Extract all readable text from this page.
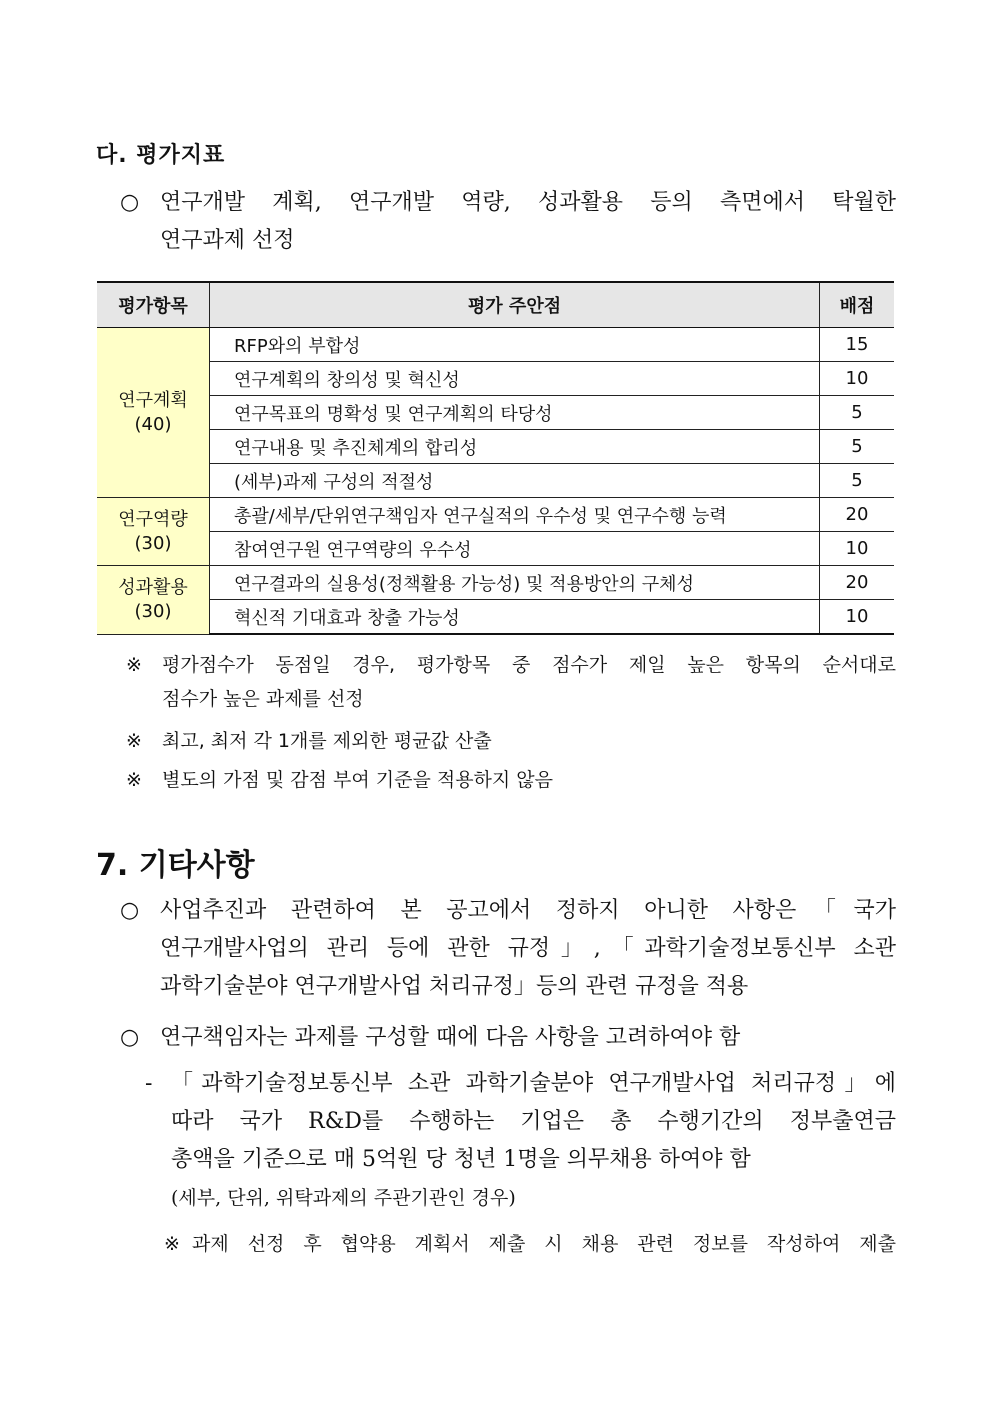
다. 평가지표
○ 연구개발 계획, 연구개발 역량, 성과활용 등의 측면에서 탁월한
연구과제 선정
평가항목	평가 주안점	배점

연구계획
(40)	RFP와의 부합성	15
	연구계획의 창의성 및 혁신성	10
	연구목표의 명확성 및 연구계획의 타당성	5
	연구내용 및 추진체계의 합리성	5
	(세부)과제 구성의 적절성	5

연구역량
(30)	총괄/세부/단위연구책임자 연구실적의 우수성 및 연구수행 능력	20
	참여연구원 연구역량의 우수성	10

성과활용
(30)	연구결과의 실용성(정책활용 가능성) 및 적용방안의 구체성	20
	혁신적 기대효과 창출 가능성	10
※ 평가점수가 동점일 경우, 평가항목 중 점수가 제일 높은 항목의 순서대로
점수가 높은 과제를 선정
※ 최고, 최저 각 1개를 제외한 평균값 산출
※ 별도의 가점 및 감점 부여 기준을 적용하지 않음
7. 기타사항
○ 사업추진과 관련하여 본 공고에서 정하지 아니한 사항은「국가
연구개발사업의 관리 등에 관한 규정」,「과학기술정보통신부 소관
과학기술분야 연구개발사업 처리규정」등의 관련 규정을 적용
○ 연구책임자는 과제를 구성할 때에 다음 사항을 고려하여야 함
- 「과학기술정보통신부 소관 과학기술분야 연구개발사업 처리규정」에
따라 국가 R&D를 수행하는 기업은 총 수행기간의 정부출연금
총액을 기준으로 매 5억원 당 청년 1명을 의무채용 하여야 함
(세부, 단위, 위탁과제의 주관기관인 경우)
※ 과제 선정 후 협약용 계획서 제출 시 채용 관련 정보를 작성하여 제출
